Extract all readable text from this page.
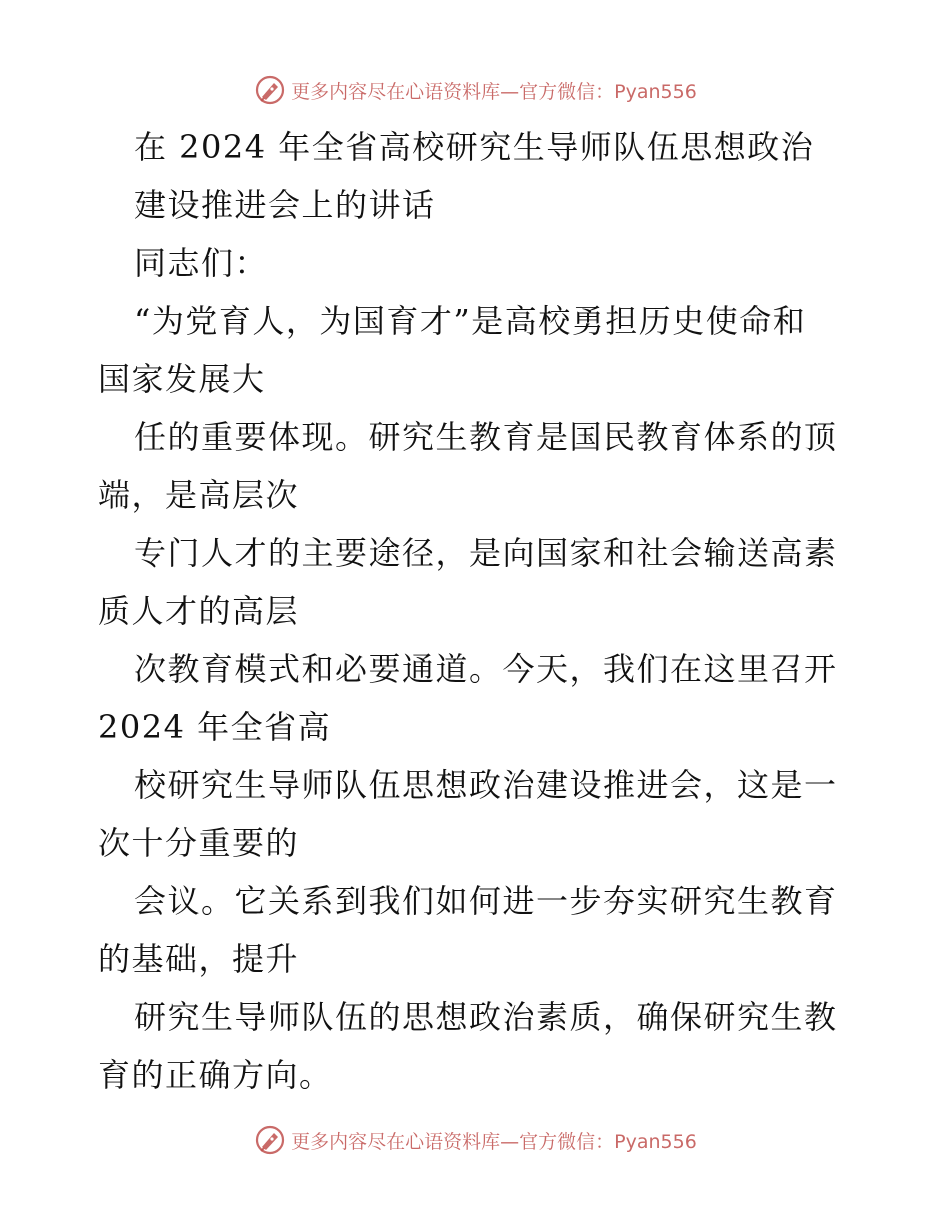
更多内容尽在心语资料库—官方微信：Pyan556
在 2024 年全省高校研究生导师队伍思想政治
建设推进会上的讲话
同志们：
“为党育人，为国育才”是高校勇担历史使命和
国家发展大
任的重要体现。研究生教育是国民教育体系的顶
端，是高层次
专门人才的主要途径，是向国家和社会输送高素
质人才的高层
次教育模式和必要通道。今天，我们在这里召开
2024 年全省高
校研究生导师队伍思想政治建设推进会，这是一
次十分重要的
会议。它关系到我们如何进一步夯实研究生教育
的基础，提升
研究生导师队伍的思想政治素质，确保研究生教
育的正确方向。
更多内容尽在心语资料库—官方微信：Pyan556
